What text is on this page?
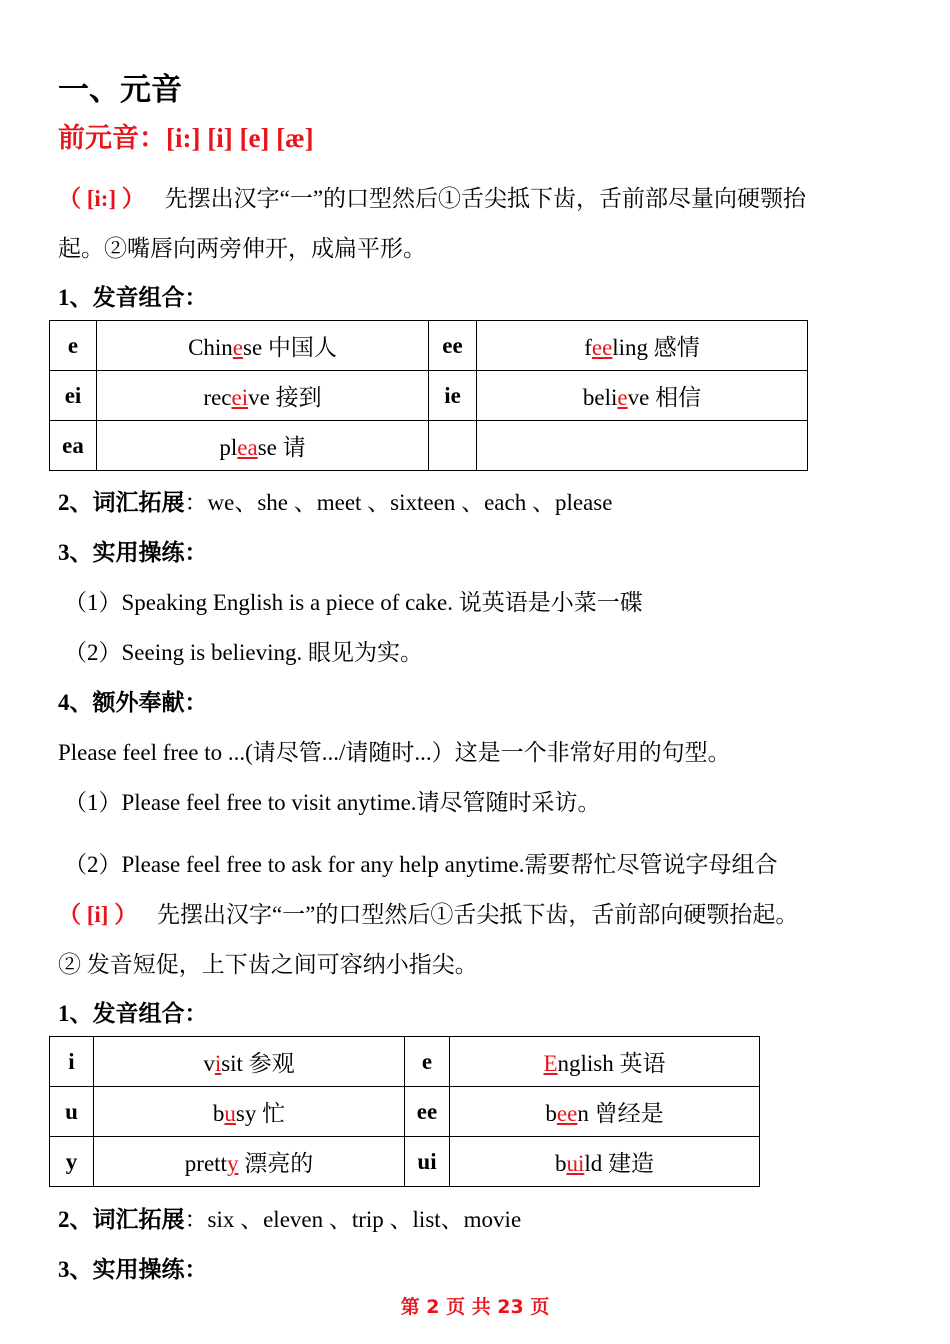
一、元音
前元音：[i:] [i] [e] [æ]
（ [i:] ） 先摆出汉字“一”的口型然后①舌尖抵下齿，舌前部尽量向硬颚抬
起。②嘴唇向两旁伸开，成扁平形。
1、发音组合：
e	Chinese 中国人	ee	feeling 感情
ei	receive 接到	ie	believe 相信
ea	please 请		
2、词汇拓展：we、she 、meet 、sixteen 、each 、please
3、实用操练：
（1）Speaking English is a piece of cake. 说英语是小菜一碟
（2）Seeing is believing. 眼见为实。
4、额外奉献：
Please feel free to ...(请尽管.../请随时...）这是一个非常好用的句型。
（1）Please feel free to visit anytime.请尽管随时采访。
（2）Please feel free to ask for any help anytime.需要帮忙尽管说字母组合
（ [i] ） 先摆出汉字“一”的口型然后①舌尖抵下齿，舌前部向硬颚抬起。
② 发音短促，上下齿之间可容纳小指尖。
1、发音组合：
i	visit 参观	e	English 英语
u	busy 忙	ee	been 曾经是
y	pretty 漂亮的	ui	build 建造
2、词汇拓展：six 、eleven 、trip 、list、movie
3、实用操练：
第 2 页 共 23 页
